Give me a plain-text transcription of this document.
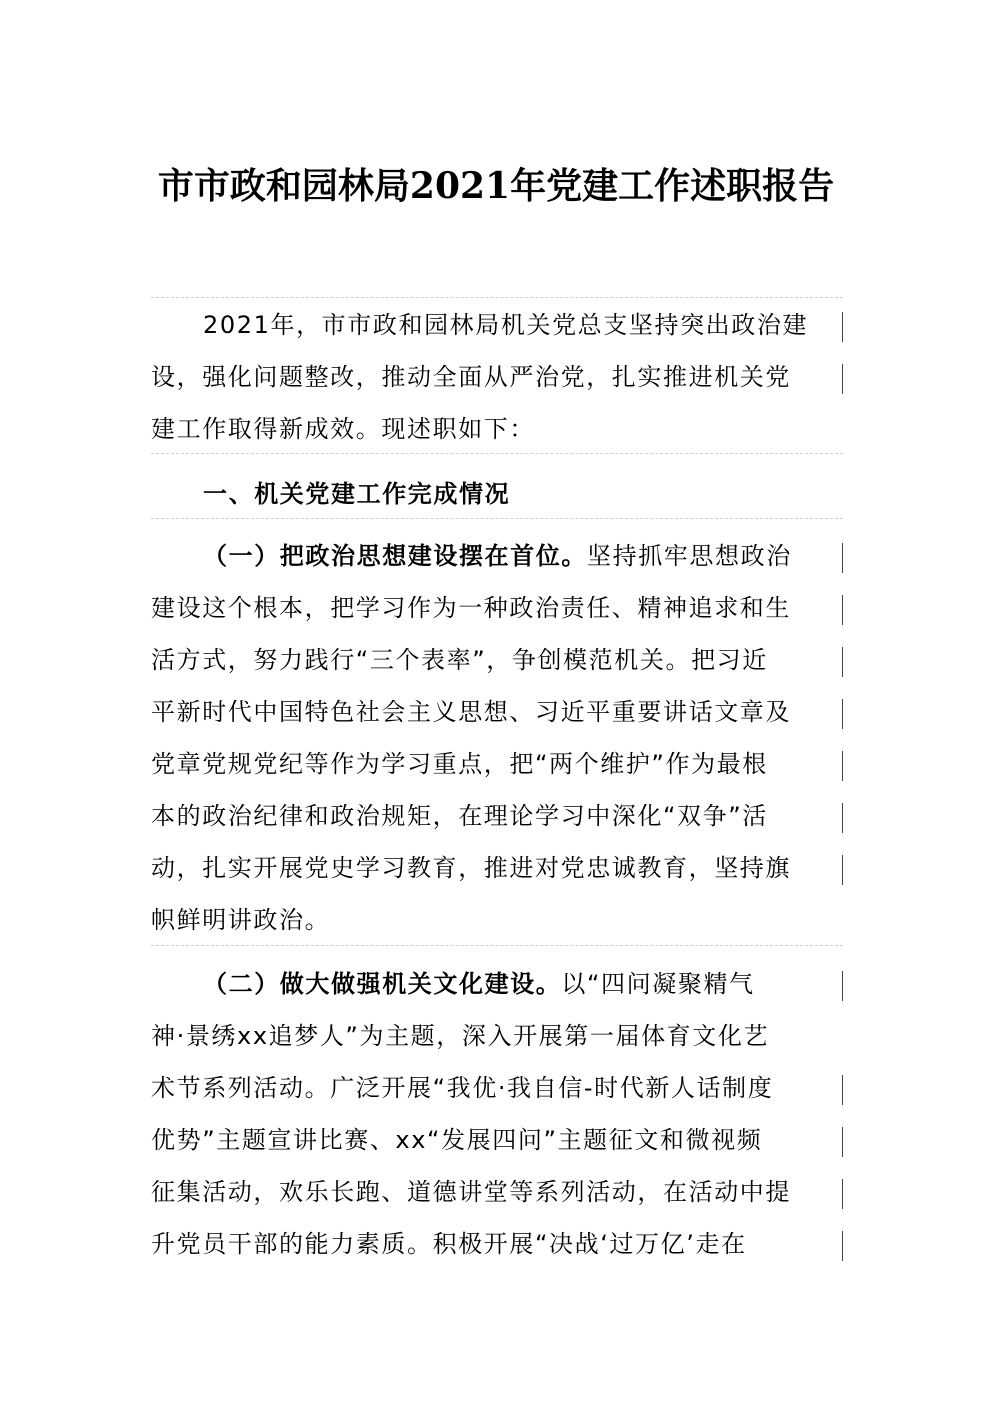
市市政和园林局2021年党建工作述职报告
2021年，市市政和园林局机关党总支坚持突出政治建
设，强化问题整改，推动全面从严治党，扎实推进机关党
建工作取得新成效。现述职如下：
一、机关党建工作完成情况
（一）把政治思想建设摆在首位。坚持抓牢思想政治
建设这个根本，把学习作为一种政治责任、精神追求和生
活方式，努力践行“三个表率”，争创模范机关。把习近
平新时代中国特色社会主义思想、习近平重要讲话文章及
党章党规党纪等作为学习重点，把“两个维护”作为最根
本的政治纪律和政治规矩，在理论学习中深化“双争”活
动，扎实开展党史学习教育，推进对党忠诚教育，坚持旗
帜鲜明讲政治。
（二）做大做强机关文化建设。以“四问凝聚精气
神·景绣xx追梦人”为主题，深入开展第一届体育文化艺
术节系列活动。广泛开展“我优·我自信-时代新人话制度
优势”主题宣讲比赛、xx“发展四问”主题征文和微视频
征集活动，欢乐长跑、道德讲堂等系列活动，在活动中提
升党员干部的能力素质。积极开展“决战‘过万亿’走在
